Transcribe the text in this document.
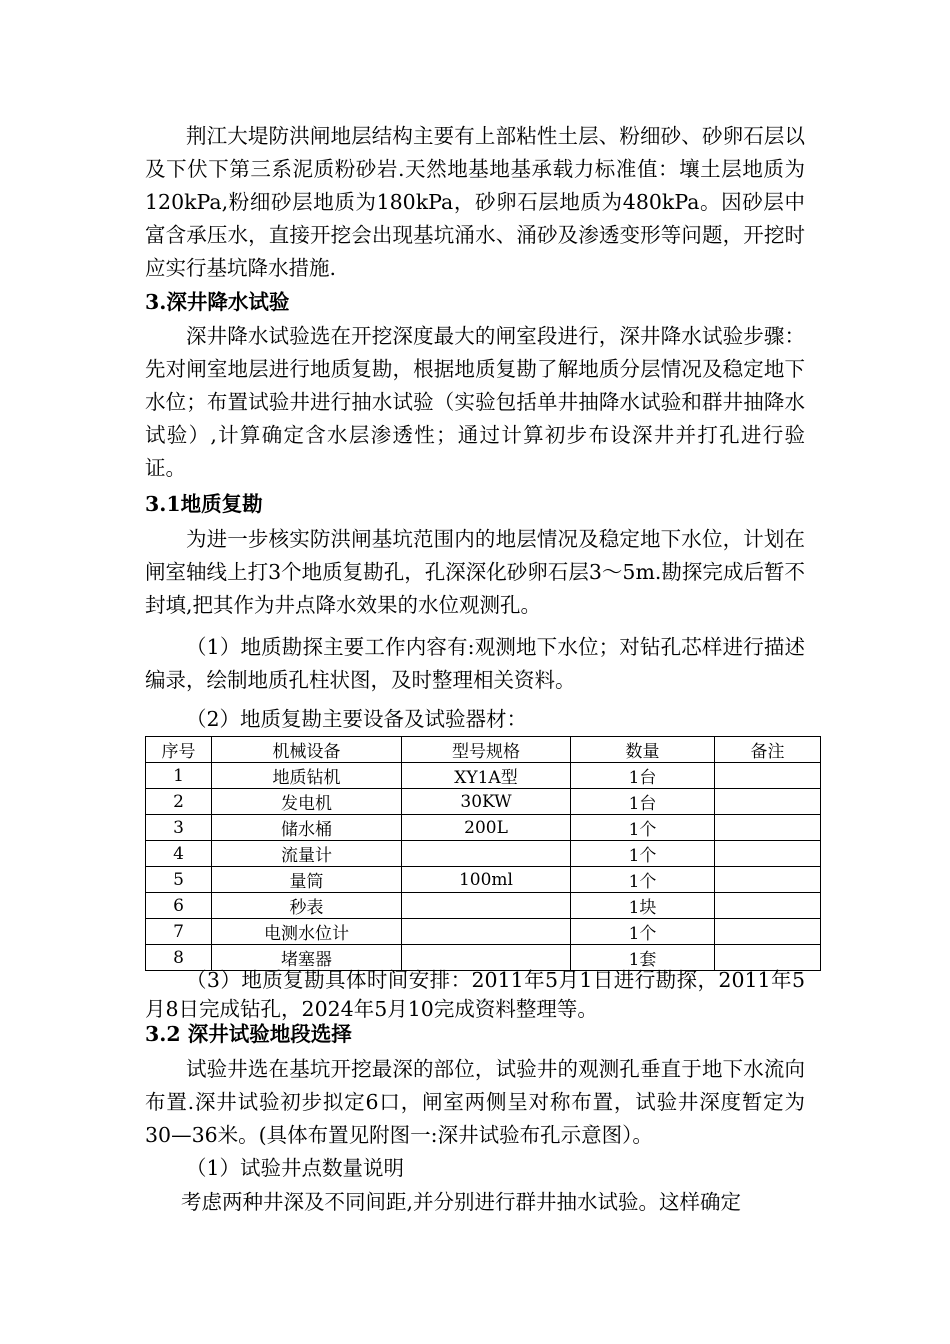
荆江大堤防洪闸地层结构主要有上部粘性土层、粉细砂、砂卵石层以及下伏下第三系泥质粉砂岩.天然地基地基承载力标准值：壤土层地质为120kPa,粉细砂层地质为180kPa，砂卵石层地质为480kPa。因砂层中富含承压水，直接开挖会出现基坑涌水、涌砂及渗透变形等问题，开挖时应实行基坑降水措施.

3.深井降水试验

深井降水试验选在开挖深度最大的闸室段进行，深井降水试验步骤：先对闸室地层进行地质复勘，根据地质复勘了解地质分层情况及稳定地下水位；布置试验井进行抽水试验（实验包括单井抽降水试验和群井抽降水试验）,计算确定含水层渗透性；通过计算初步布设深井并打孔进行验证。

3.1地质复勘

为进一步核实防洪闸基坑范围内的地层情况及稳定地下水位，计划在闸室轴线上打3个地质复勘孔，孔深深化砂卵石层3～5m.勘探完成后暂不封填,把其作为井点降水效果的水位观测孔。

（1）地质勘探主要工作内容有:观测地下水位；对钻孔芯样进行描述编录，绘制地质孔柱状图，及时整理相关资料。

（2）地质复勘主要设备及试验器材：

序号	机械设备	型号规格	数量	备注
1	地质钻机	XY1A型	1台	
2	发电机	30KW	1台	
3	储水桶	200L	1个	
4	流量计		1个	
5	量筒	100ml	1个	
6	秒表		1块	
7	电测水位计		1个	
8	堵塞器		1套	

（3）地质复勘具体时间安排：2011年5月1日进行勘探，2011年5月8日完成钻孔，2024年5月10完成资料整理等。

3.2 深井试验地段选择

试验井选在基坑开挖最深的部位，试验井的观测孔垂直于地下水流向布置.深井试验初步拟定6口，闸室两侧呈对称布置，试验井深度暂定为30—36米。(具体布置见附图一:深井试验布孔示意图）。

（1）试验井点数量说明

考虑两种井深及不同间距,并分别进行群井抽水试验。这样确定
